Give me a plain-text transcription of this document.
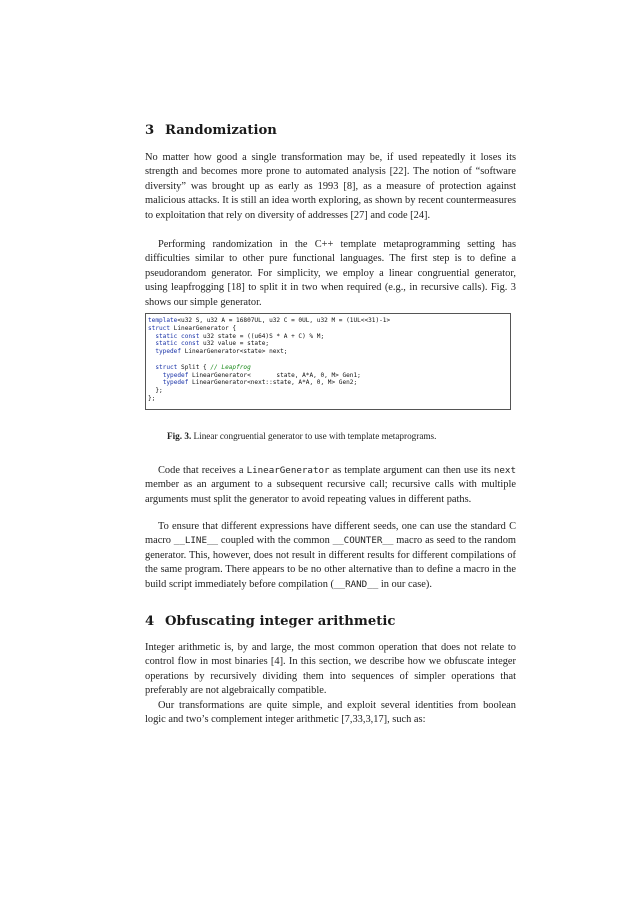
3 Randomization
No matter how good a single transformation may be, if used repeatedly it loses its strength and becomes more prone to automated analysis [22]. The notion of “software diversity” was brought up as early as 1993 [8], as a measure of protection against malicious attacks. It is still an idea worth exploring, as shown by recent countermeasures to exploitation that rely on diversity of addresses [27] and code [24].
Performing randomization in the C++ template metaprogramming setting has difficulties similar to other pure functional languages. The first step is to define a pseudorandom generator. For simplicity, we employ a linear congruential generator, using leapfrogging [18] to split it in two when required (e.g., in recursive calls). Fig. 3 shows our simple generator.
template<u32 S, u32 A = 16807UL, u32 C = 0UL, u32 M = (1UL<<31)-1>
struct LinearGenerator {
static const u32 state = ((u64)S * A + C) % M;
static const u32 value = state;
typedef LinearGenerator<state> next;

struct Split { // Leapfrog
typedef LinearGenerator<       state, A*A, 0, M> Gen1;
typedef LinearGenerator<next::state, A*A, 0, M> Gen2;
};
};
Fig. 3. Linear congruential generator to use with template metaprograms.
Code that receives a LinearGenerator as template argument can then use its next member as an argument to a subsequent recursive call; recursive calls with multiple arguments must split the generator to avoid repeating values in different paths.
To ensure that different expressions have different seeds, one can use the standard C macro __LINE__ coupled with the common __COUNTER__ macro as seed to the random generator. This, however, does not result in different results for different compilations of the same program. There appears to be no other alternative than to define a macro in the build script immediately before compilation (__RAND__ in our case).
4 Obfuscating integer arithmetic
Integer arithmetic is, by and large, the most common operation that does not relate to control flow in most binaries [4]. In this section, we describe how we obfuscate integer operations by recursively dividing them into sequences of simpler operations that preferably are not algebraically compatible.
Our transformations are quite simple, and exploit several identities from boolean logic and two’s complement integer arithmetic [7,33,3,17], such as:
